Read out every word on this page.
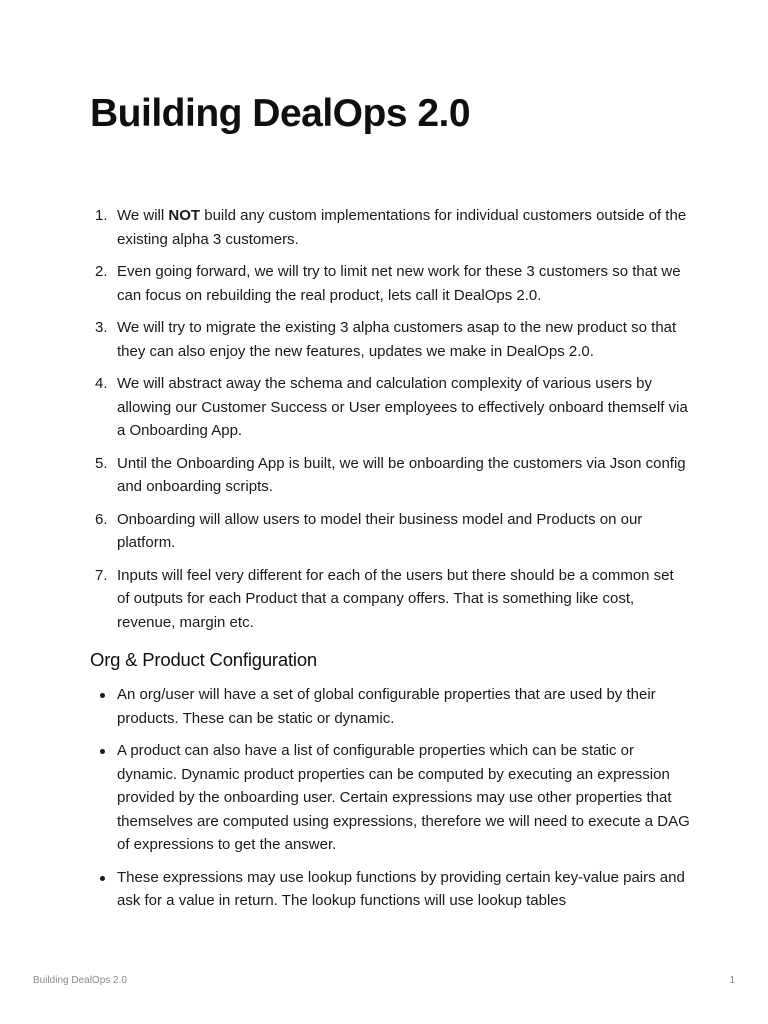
Building DealOps 2.0
1. We will NOT build any custom implementations for individual customers outside of the existing alpha 3 customers.
2. Even going forward, we will try to limit net new work for these 3 customers so that we can focus on rebuilding the real product, lets call it DealOps 2.0.
3. We will try to migrate the existing 3 alpha customers asap to the new product so that they can also enjoy the new features, updates we make in DealOps 2.0.
4. We will abstract away the schema and calculation complexity of various users by allowing our Customer Success or User employees to effectively onboard themself via a Onboarding App.
5. Until the Onboarding App is built, we will be onboarding the customers via Json config and onboarding scripts.
6. Onboarding will allow users to model their business model and Products on our platform.
7. Inputs will feel very different for each of the users but there should be a common set of outputs for each Product that a company offers. That is something like cost, revenue, margin etc.
Org & Product Configuration
An org/user will have a set of global configurable properties that are used by their products. These can be static or dynamic.
A product can also have a list of configurable properties which can be static or dynamic. Dynamic product properties can be computed by executing an expression provided by the onboarding user. Certain expressions may use other properties that themselves are computed using expressions, therefore we will need to execute a DAG of expressions to get the answer.
These expressions may use lookup functions by providing certain key-value pairs and ask for a value in return. The lookup functions will use lookup tables
Building DealOps 2.0	1
